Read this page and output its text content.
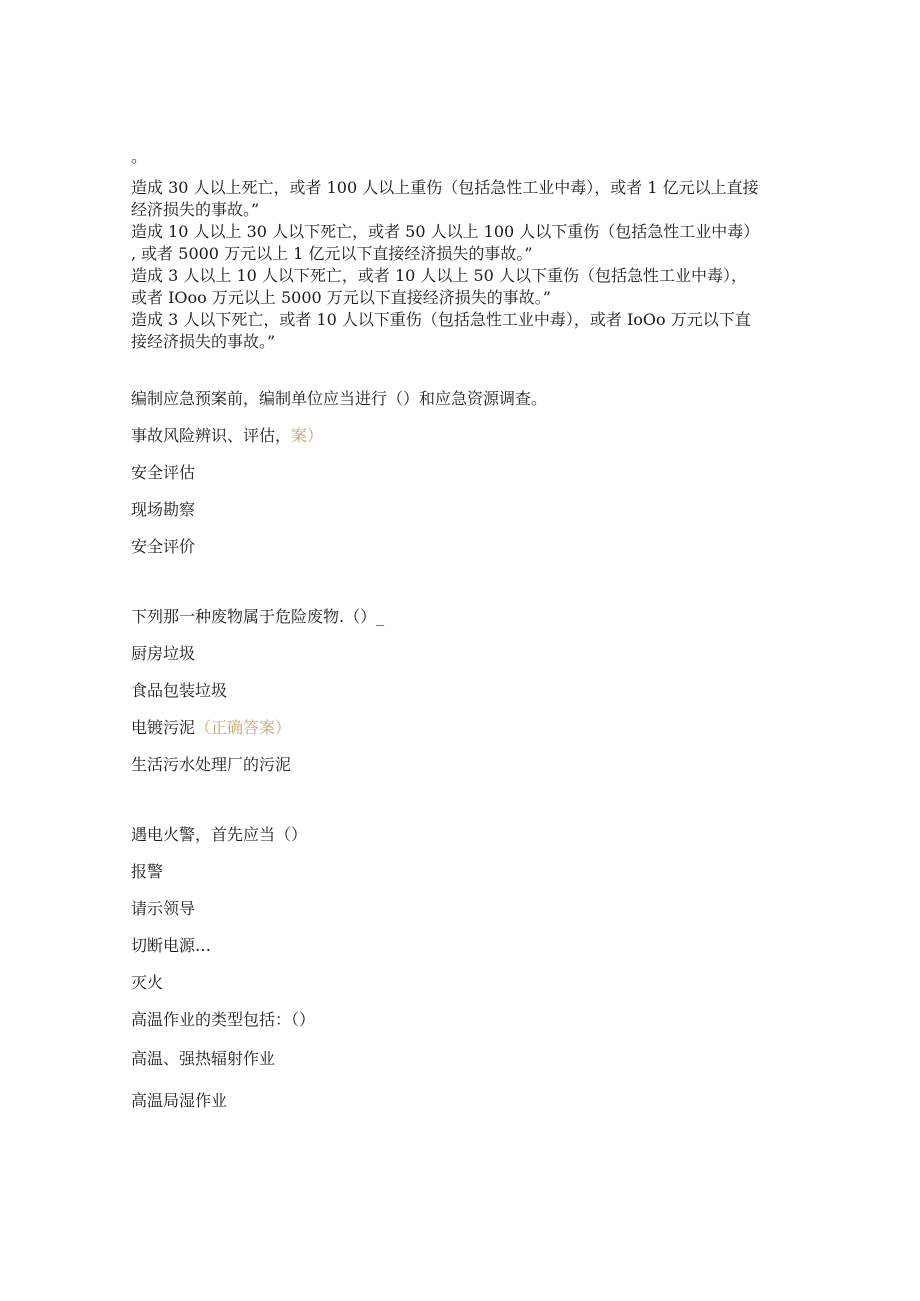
。
造成 30 人以上死亡，或者 100 人以上重伤（包括急性工业中毒），或者 1 亿元以上直接
经济损失的事故。”
造成 10 人以上 30 人以下死亡，或者 50 人以上 100 人以下重伤（包括急性工业中毒）
, 或者 5000 万元以上 1 亿元以下直接经济损失的事故。”
造成 3 人以上 10 人以下死亡，或者 10 人以上 50 人以下重伤（包括急性工业中毒），
或者 IOoo 万元以上 5000 万元以下直接经济损失的事故。”
造成 3 人以下死亡，或者 10 人以下重伤（包括急性工业中毒），或者 IoOo 万元以下直
接经济损失的事故。”
编制应急预案前，编制单位应当进行（）和应急资源调查。
事故风险辨识、评估，案）
安全评估
现场勘察
安全评价
下列那一种废物属于危险废物.（）_
厨房垃圾
食品包装垃圾
电镀污泥（正确答案）
生活污水处理厂的污泥
遇电火警，首先应当（）
报警
请示领导
切断电源…
灭火
高温作业的类型包括：（）
高温、强热辐射作业
高温局湿作业
